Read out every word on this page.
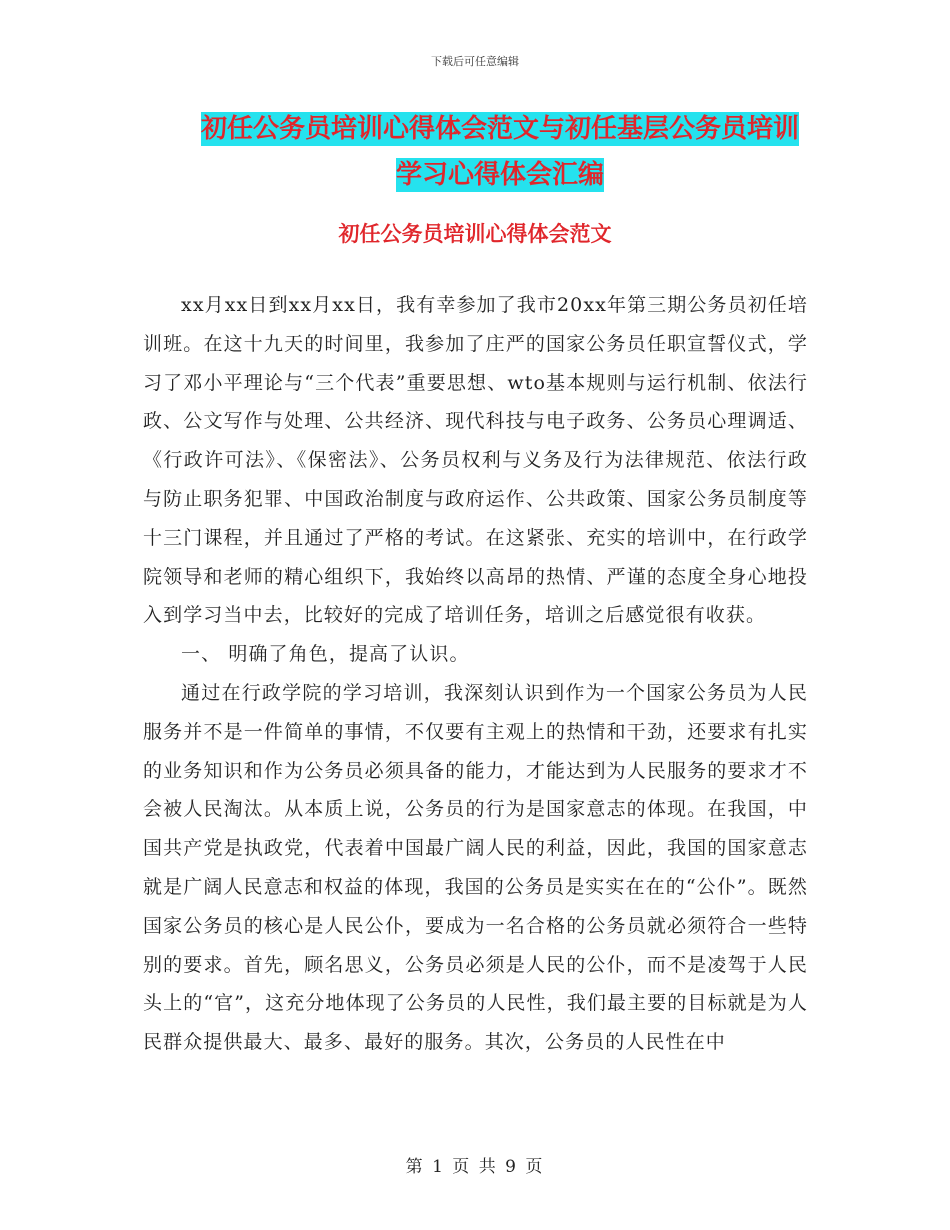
下载后可任意编辑
初任公务员培训心得体会范文与初任基层公务员培训
学习心得体会汇编
初任公务员培训心得体会范文

xx月xx日到xx月xx日，我有幸参加了我市20xx年第三期公务员初任培训班。在这十九天的时间里，我参加了庄严的国家公务员任职宣誓仪式，学习了邓小平理论与“三个代表”重要思想、wto基本规则与运行机制、依法行政、公文写作与处理、公共经济、现代科技与电子政务、公务员心理调适、《行政许可法》、《保密法》、公务员权利与义务及行为法律规范、依法行政与防止职务犯罪、中国政治制度与政府运作、公共政策、国家公务员制度等十三门课程，并且通过了严格的考试。在这紧张、充实的培训中，在行政学院领导和老师的精心组织下，我始终以高昂的热情、严谨的态度全身心地投入到学习当中去，比较好的完成了培训任务，培训之后感觉很有收获。

一、 明确了角色，提高了认识。

通过在行政学院的学习培训，我深刻认识到作为一个国家公务员为人民服务并不是一件简单的事情，不仅要有主观上的热情和干劲，还要求有扎实的业务知识和作为公务员必须具备的能力，才能达到为人民服务的要求才不会被人民淘汰。从本质上说，公务员的行为是国家意志的体现。在我国，中国共产党是执政党，代表着中国最广阔人民的利益，因此，我国的国家意志就是广阔人民意志和权益的体现，我国的公务员是实实在在的“公仆”。既然国家公务员的核心是人民公仆，要成为一名合格的公务员就必须符合一些特别的要求。首先，顾名思义，公务员必须是人民的公仆，而不是凌驾于人民头上的“官”，这充分地体现了公务员的人民性，我们最主要的目标就是为人民群众提供最大、最多、最好的服务。其次，公务员的人民性在中

第 1 页 共 9 页
